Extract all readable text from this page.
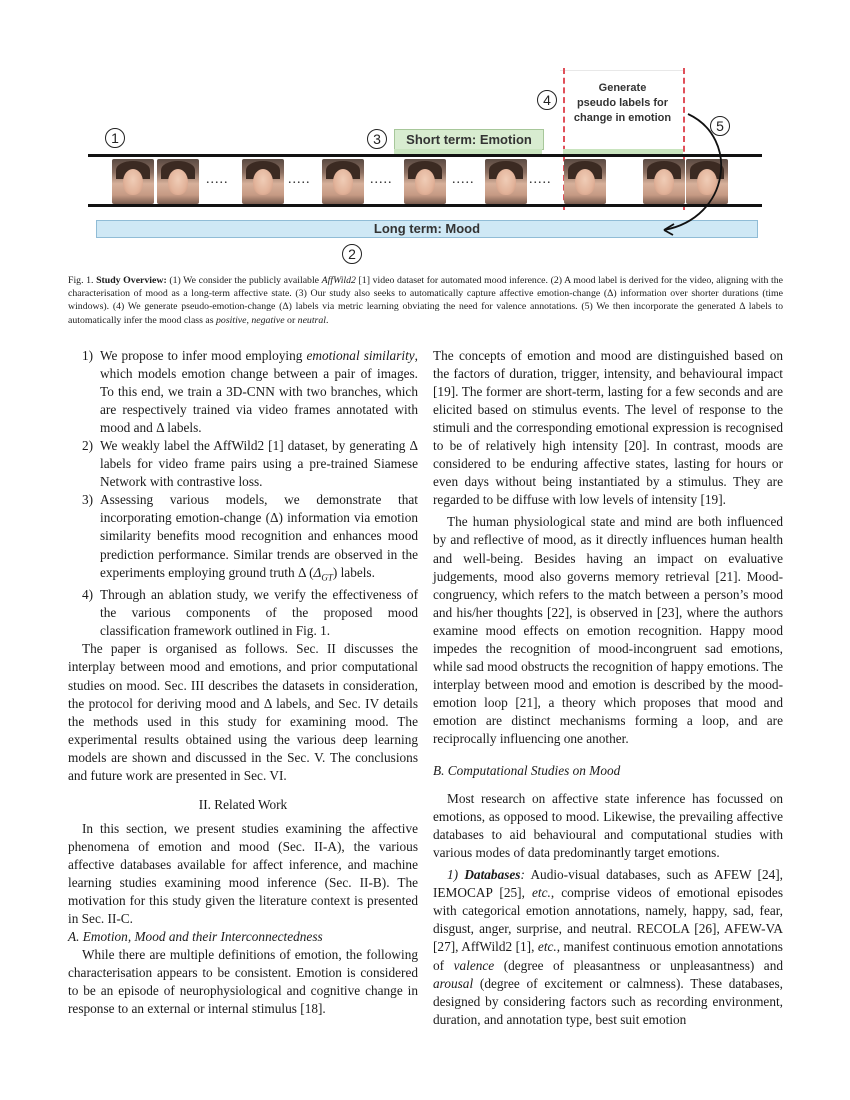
1
2
3
4
5
Generate
pseudo labels for
change in emotion
Short term: Emotion
.....	.....	.....	.....	.....
Long term: Mood
Fig. 1. Study Overview: (1) We consider the publicly available AffWild2 [1] video dataset for automated mood inference. (2) A mood label is derived for the video, aligning with the characterisation of mood as a long-term affective state. (3) Our study also seeks to automatically capture affective emotion-change (Δ) information over shorter durations (time windows). (4) We generate pseudo-emotion-change (Δ) labels via metric learning obviating the need for valence annotations. (5) We then incorporate the generated Δ labels to automatically infer the mood class as positive, negative or neutral.
1) We propose to infer mood employing emotional similarity, which models emotion change between a pair of images. To this end, we train a 3D-CNN with two branches, which are respectively trained via video frames annotated with mood and Δ labels.
2) We weakly label the AffWild2 [1] dataset, by generating Δ labels for video frame pairs using a pre-trained Siamese Network with contrastive loss.
3) Assessing various models, we demonstrate that incorporating emotion-change (Δ) information via emotion similarity benefits mood recognition and enhances mood prediction performance. Similar trends are observed in the experiments employing ground truth Δ $(\Delta_{GT})$ labels.
4) Through an ablation study, we verify the effectiveness of the various components of the proposed mood classification framework outlined in Fig. 1.

The paper is organised as follows. Sec. II discusses the interplay between mood and emotions, and prior computational studies on mood. Sec. III describes the datasets in consideration, the protocol for deriving mood and Δ labels, and Sec. IV details the methods used in this study for examining mood. The experimental results obtained using the various deep learning models are shown and discussed in the Sec. V. The conclusions and future work are presented in Sec. VI.

II. Related Work

In this section, we present studies examining the affective phenomena of emotion and mood (Sec. II-A), the various affective databases available for affect inference, and machine learning studies examining mood inference (Sec. II-B). The motivation for this study given the literature context is presented in Sec. II-C.

A. Emotion, Mood and their Interconnectedness

While there are multiple definitions of emotion, the following characterisation appears to be consistent. Emotion is considered to be an episode of neurophysiological and cognitive change in response to an external or internal stimulus [18].

The concepts of emotion and mood are distinguished based on the factors of duration, trigger, intensity, and behavioural impact [19]. The former are short-term, lasting for a few seconds and are elicited based on stimulus events. The level of response to the stimuli and the corresponding emotional expression is recognised to be of relatively high intensity [20]. In contrast, moods are considered to be enduring affective states, lasting for hours or even days without being instantiated by a stimulus. They are regarded to be diffuse with low levels of intensity [19].

The human physiological state and mind are both influenced by and reflective of mood, as it directly influences human health and well-being. Besides having an impact on evaluative judgements, mood also governs memory retrieval [21]. Mood-congruency, which refers to the match between a person’s mood and his/her thoughts [22], is observed in [23], where the authors examine mood effects on emotion recognition. Happy mood impedes the recognition of mood-incongruent sad emotions, while sad mood obstructs the recognition of happy emotions. The interplay between mood and emotion is described by the mood-emotion loop [21], a theory which proposes that mood and emotion are distinct mechanisms forming a loop, and are reciprocally influencing one another.

B. Computational Studies on Mood

Most research on affective state inference has focussed on emotions, as opposed to mood. Likewise, the prevailing affective databases to aid behavioural and computational studies with various modes of data predominantly target emotions.

1) Databases: Audio-visual databases, such as AFEW [24], IEMOCAP [25], etc., comprise videos of emotional episodes with categorical emotion annotations, namely, happy, sad, fear, disgust, anger, surprise, and neutral. RECOLA [26], AFEW-VA [27], AffWild2 [1], etc., manifest continuous emotion annotations of valence (degree of pleasantness or unpleasantness) and arousal (degree of excitement or calmness). These databases, designed by considering factors such as recording environment, duration, and annotation type, best suit emotion
